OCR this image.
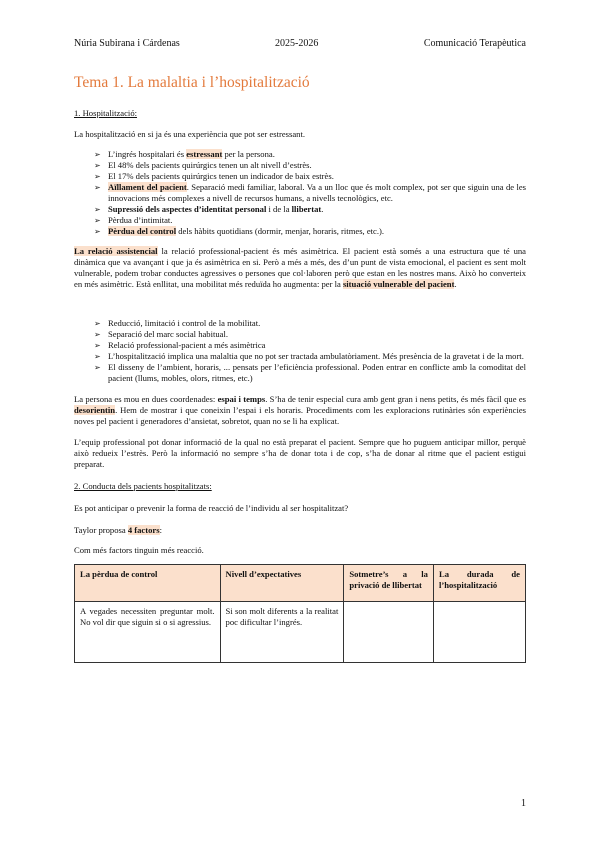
Núria Subirana i Cárdenas	2025-2026	Comunicació Terapèutica
Tema 1. La malaltia i l’hospitalització

1. Hospitalització:

La hospitalització en si ja és una experiència que pot ser estressant.

➢ L’ingrés hospitalari és estressant per la persona.
➢ El 48% dels pacients quirúrgics tenen un alt nivell d’estrès.
➢ El 17% dels pacients quirúrgics tenen un indicador de baix estrès.
➢ Aïllament del pacient. Separació medi familiar, laboral. Va a un lloc que és molt complex, pot ser que siguin una de les innovacions més complexes a nivell de recursos humans, a nivells tecnològics, etc.
➢ Supressió dels aspectes d’identitat personal i de la llibertat.
➢ Pèrdua d’intimitat.
➢ Pèrdua del control dels hàbits quotidians (dormir, menjar, horaris, ritmes, etc.).

La relació assistencial la relació professional-pacient és més asimètrica. El pacient està somés a una estructura que té una dinàmica que va avançant i que ja és asimètrica en si. Però a més a més, des d’un punt de vista emocional, el pacient es sent molt vulnerable, podem trobar conductes agressives o persones que col·laboren però que estan en les nostres mans. Això ho converteix en més asimètric. Està enllitat, una mobilitat més reduïda ho augmenta: per la situació vulnerable del pacient.

➢ Reducció, limitació i control de la mobilitat.
➢ Separació del marc social habitual.
➢ Relació professional-pacient a més asimètrica
➢ L’hospitalització implica una malaltia que no pot ser tractada ambulatòriament. Més presència de la gravetat i de la mort.
➢ El disseny de l’ambient, horaris, ... pensats per l’eficiència professional. Poden entrar en conflicte amb la comoditat del pacient (llums, mobles, olors, ritmes, etc.)

La persona es mou en dues coordenades: espai i temps. S’ha de tenir especial cura amb gent gran i nens petits, és més fàcil que es desorientin. Hem de mostrar i que coneixin l’espai i els horaris. Procediments com les exploracions rutinàries són experiències noves pel pacient i generadores d’ansietat, sobretot, quan no se li ha explicat.

L’equip professional pot donar informació de la qual no està preparat el pacient. Sempre que ho puguem anticipar millor, perquè això redueix l’estrès. Però la informació no sempre s’ha de donar tota i de cop, s’ha de donar al ritme que el pacient estigui preparat.

2. Conducta dels pacients hospitalitzats:

Es pot anticipar o prevenir la forma de reacció de l’individu al ser hospitalitzat?

Taylor proposa 4 factors:

Com més factors tinguin més reacció.

La pèrdua de control	Nivell d’expectatives	Sotmetre’s a la privació de llibertat	La durada de l’hospitalització
A vegades necessiten preguntar molt. No vol dir que siguin si o si agressius.	Si son molt diferents a la realitat poc dificultar l’ingrés.		
1
